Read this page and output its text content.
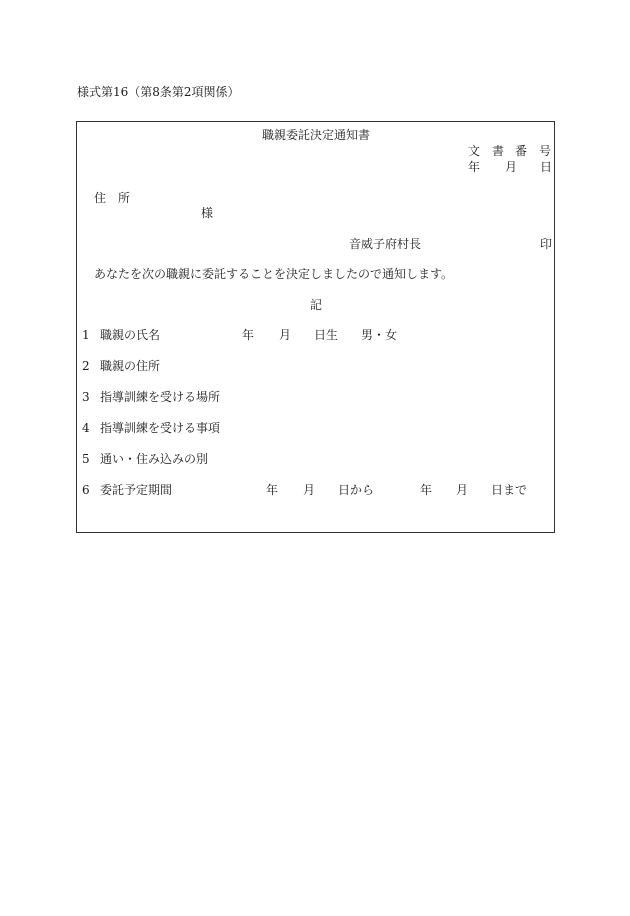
様式第16（第8条第2項関係）
職親委託決定通知書
文 書 番 号
年 月 日
住 所
様
音威子府村長	印
あなたを次の職親に委託することを決定しましたので通知します。
記
1 職親の氏名	年 月 日生 男・女
2 職親の住所
3 指導訓練を受ける場所
4 指導訓練を受ける事項
5 通い・住み込みの別
6 委託予定期間	年 月 日から	年 月 日まで
